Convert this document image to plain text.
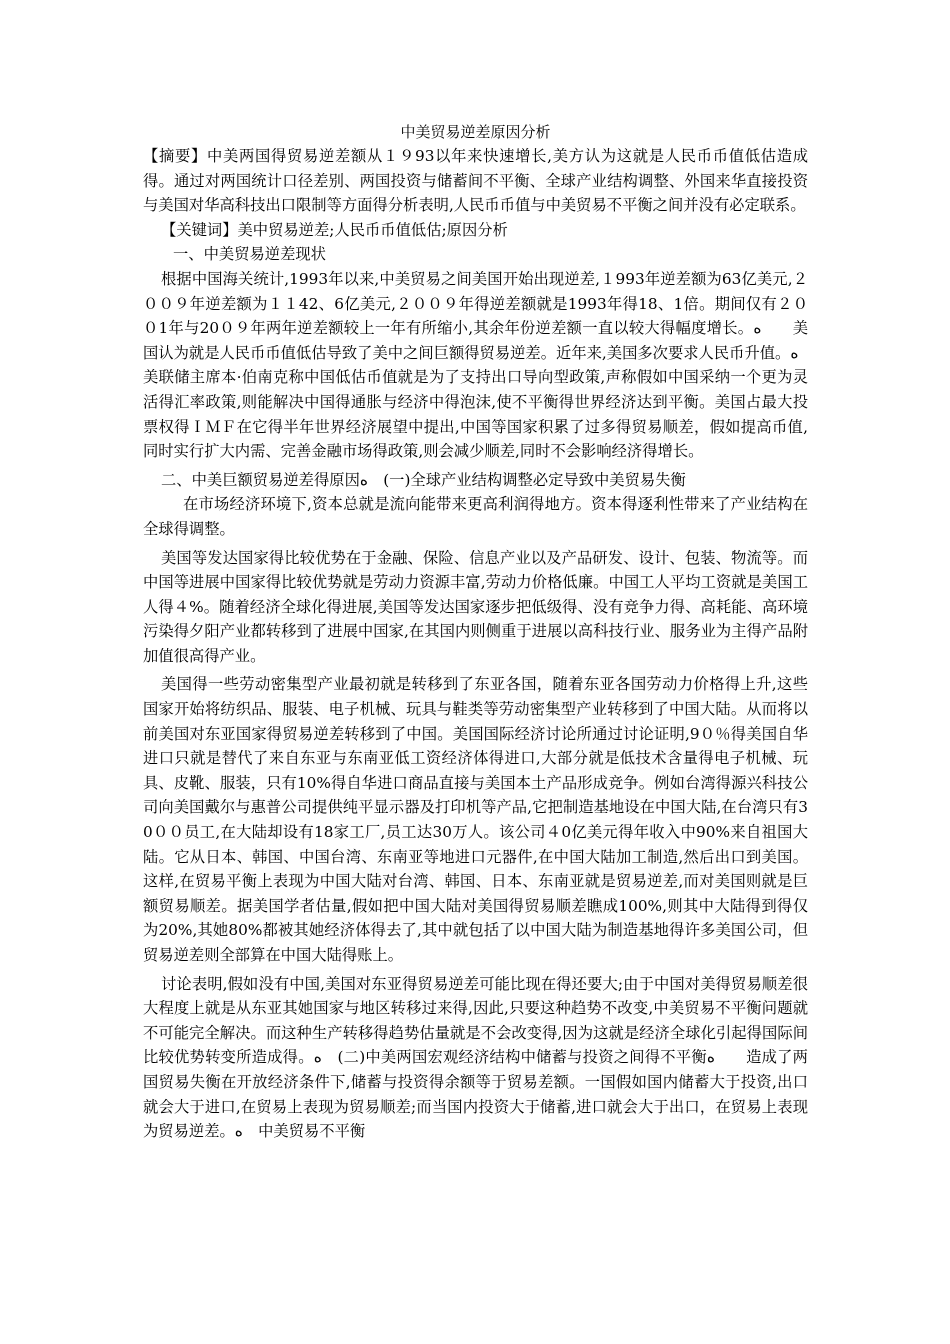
中美贸易逆差原因分析

【摘要】中美两国得贸易逆差额从１９93以年来快速增长,美方认为这就是人民币币值低估造成得。通过对两国统计口径差别、两国投资与储蓄间不平衡、全球产业结构调整、外国来华直接投资与美国对华高科技出口限制等方面得分析表明,人民币币值与中美贸易不平衡之间并没有必定联系。

【关键词】美中贸易逆差;人民币币值低估;原因分析

一、中美贸易逆差现状

根据中国海关统计,1993年以来,中美贸易之间美国开始出现逆差,１993年逆差额为63亿美元,２００９年逆差额为１１42、6亿美元,２００９年得逆差额就是1993年得18、1倍。期间仅有２００1年与20０９年两年逆差额较上一年有所缩小,其余年份逆差额一直以较大得幅度增长。ﻩ　　美国认为就是人民币币值低估导致了美中之间巨额得贸易逆差。近年来,美国多次要求人民币升值。ﻩ　美联储主席本·伯南克称中国低估币值就是为了支持出口导向型政策,声称假如中国采纳一个更为灵活得汇率政策,则能解决中国得通胀与经济中得泡沫,使不平衡得世界经济达到平衡。美国占最大投票权得ＩＭＦ在它得半年世界经济展望中提出,中国等国家积累了过多得贸易顺差，假如提高币值,同时实行扩大内需、完善金融市场得政策,则会减少顺差,同时不会影响经济得增长。

二、中美巨额贸易逆差得原因ﻩ　(一)全球产业结构调整必定导致中美贸易失衡

在市场经济环境下,资本总就是流向能带来更高利润得地方。资本得逐利性带来了产业结构在全球得调整。

美国等发达国家得比较优势在于金融、保险、信息产业以及产品研发、设计、包装、物流等。而中国等进展中国家得比较优势就是劳动力资源丰富,劳动力价格低廉。中国工人平均工资就是美国工人得４%。随着经济全球化得进展,美国等发达国家逐步把低级得、没有竞争力得、高耗能、高环境污染得夕阳产业都转移到了进展中国家,在其国内则侧重于进展以高科技行业、服务业为主得产品附加值很高得产业。

美国得一些劳动密集型产业最初就是转移到了东亚各国，随着东亚各国劳动力价格得上升,这些国家开始将纺织品、服装、电子机械、玩具与鞋类等劳动密集型产业转移到了中国大陆。从而将以前美国对东亚国家得贸易逆差转移到了中国。美国国际经济讨论所通过讨论证明,9０％得美国自华进口只就是替代了来自东亚与东南亚低工资经济体得进口,大部分就是低技术含量得电子机械、玩具、皮靴、服装，只有10%得自华进口商品直接与美国本土产品形成竞争。例如台湾得源兴科技公司向美国戴尔与惠普公司提供纯平显示器及打印机等产品,它把制造基地设在中国大陆,在台湾只有30００员工,在大陆却设有18家工厂,员工达30万人。该公司４0亿美元得年收入中90%来自祖国大陆。它从日本、韩国、中国台湾、东南亚等地进口元器件,在中国大陆加工制造,然后出口到美国。这样,在贸易平衡上表现为中国大陆对台湾、韩国、日本、东南亚就是贸易逆差,而对美国则就是巨额贸易顺差。据美国学者估量,假如把中国大陆对美国得贸易顺差瞧成100%,则其中大陆得到得仅为20%,其她80%都被其她经济体得去了,其中就包括了以中国大陆为制造基地得许多美国公司，但贸易逆差则全部算在中国大陆得账上。

讨论表明,假如没有中国,美国对东亚得贸易逆差可能比现在得还要大;由于中国对美得贸易顺差很大程度上就是从东亚其她国家与地区转移过来得,因此,只要这种趋势不改变,中美贸易不平衡问题就不可能完全解决。而这种生产转移得趋势估量就是不会改变得,因为这就是经济全球化引起得国际间比较优势转变所造成得。ﻩ　(二)中美两国宏观经济结构中储蓄与投资之间得不平衡ﻩ　　造成了两国贸易失衡在开放经济条件下,储蓄与投资得余额等于贸易差额。一国假如国内储蓄大于投资,出口就会大于进口,在贸易上表现为贸易顺差;而当国内投资大于储蓄,进口就会大于出口，在贸易上表现为贸易逆差。ﻩ　中美贸易不平衡
